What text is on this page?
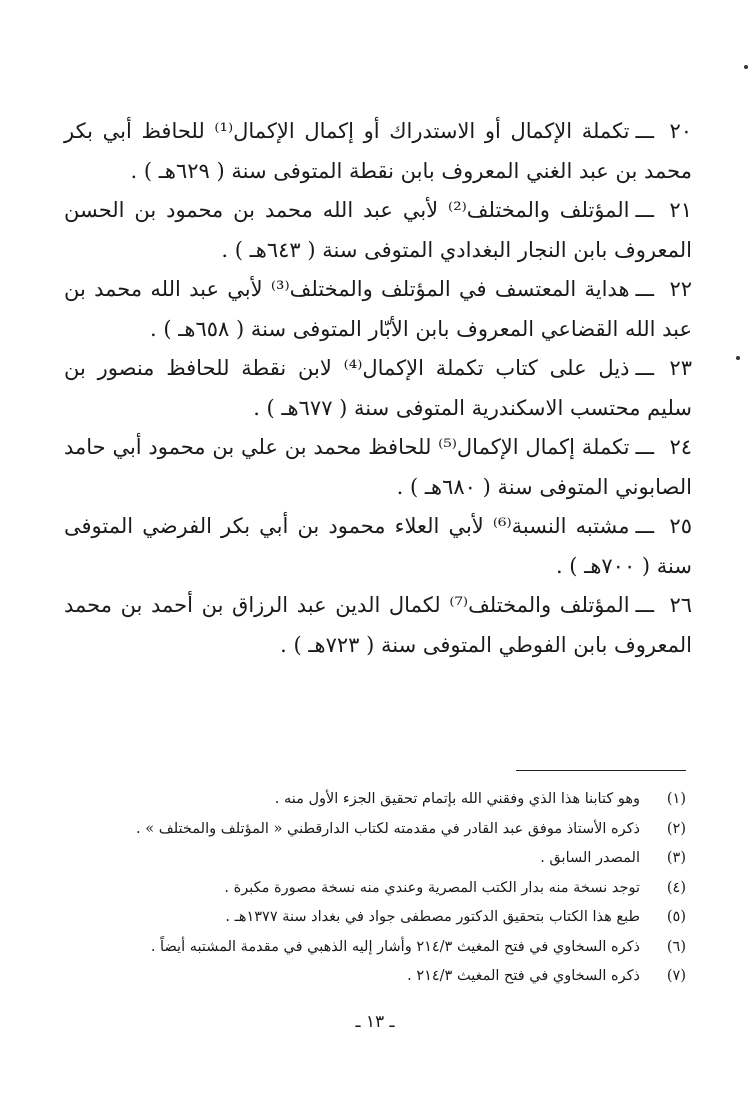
٢٠ـــتكملة الإكمال أو الاستدراك أو إكمال الإكمال⁽¹⁾ للحافظ أبي بكر محمد بن عبد الغني المعروف بابن نقطة المتوفى سنة ( ٦٢٩هـ ) .
٢١ـــالمؤتلف والمختلف⁽²⁾ لأبي عبد الله محمد بن محمود بن الحسن المعروف بابن النجار البغدادي المتوفى سنة ( ٦٤٣هـ ) .
٢٢ـــهداية المعتسف في المؤتلف والمختلف⁽³⁾ لأبي عبد الله محمد بن عبد الله القضاعي المعروف بابن الأبّار المتوفى سنة ( ٦٥٨هـ ) .
٢٣ـــذيل على كتاب تكملة الإكمال⁽⁴⁾ لابن نقطة للحافظ منصور بن سليم محتسب الاسكندرية المتوفى سنة ( ٦٧٧هـ ) .
٢٤ـــتكملة إكمال الإكمال⁽⁵⁾ للحافظ محمد بن علي بن محمود أبي حامد الصابوني المتوفى سنة ( ٦٨٠هـ ) .
٢٥ـــمشتبه النسبة⁽⁶⁾ لأبي العلاء محمود بن أبي بكر الفرضي المتوفى سنة ( ٧٠٠هـ ) .
٢٦ـــالمؤتلف والمختلف⁽⁷⁾ لكمال الدين عبد الرزاق بن أحمد بن محمد المعروف بابن الفوطي المتوفى سنة ( ٧٢٣هـ ) .
(١)وهو كتابنا هذا الذي وفقني الله بإتمام تحقيق الجزء الأول منه .
(٢)ذكره الأستاذ موفق عبد القادر في مقدمته لكتاب الدارقطني « المؤتلف والمختلف » .
(٣)المصدر السابق .
(٤)توجد نسخة منه بدار الكتب المصرية وعندي منه نسخة مصورة مكبرة .
(٥)طبع هذا الكتاب بتحقيق الدكتور مصطفى جواد في بغداد سنة ١٣٧٧هـ .
(٦)ذكره السخاوي في فتح المغيث ٢١٤/٣ وأشار إليه الذهبي في مقدمة المشتبه أيضاً .
(٧)ذكره السخاوي في فتح المغيث ٢١٤/٣ .
ـ ١٣ ـ
